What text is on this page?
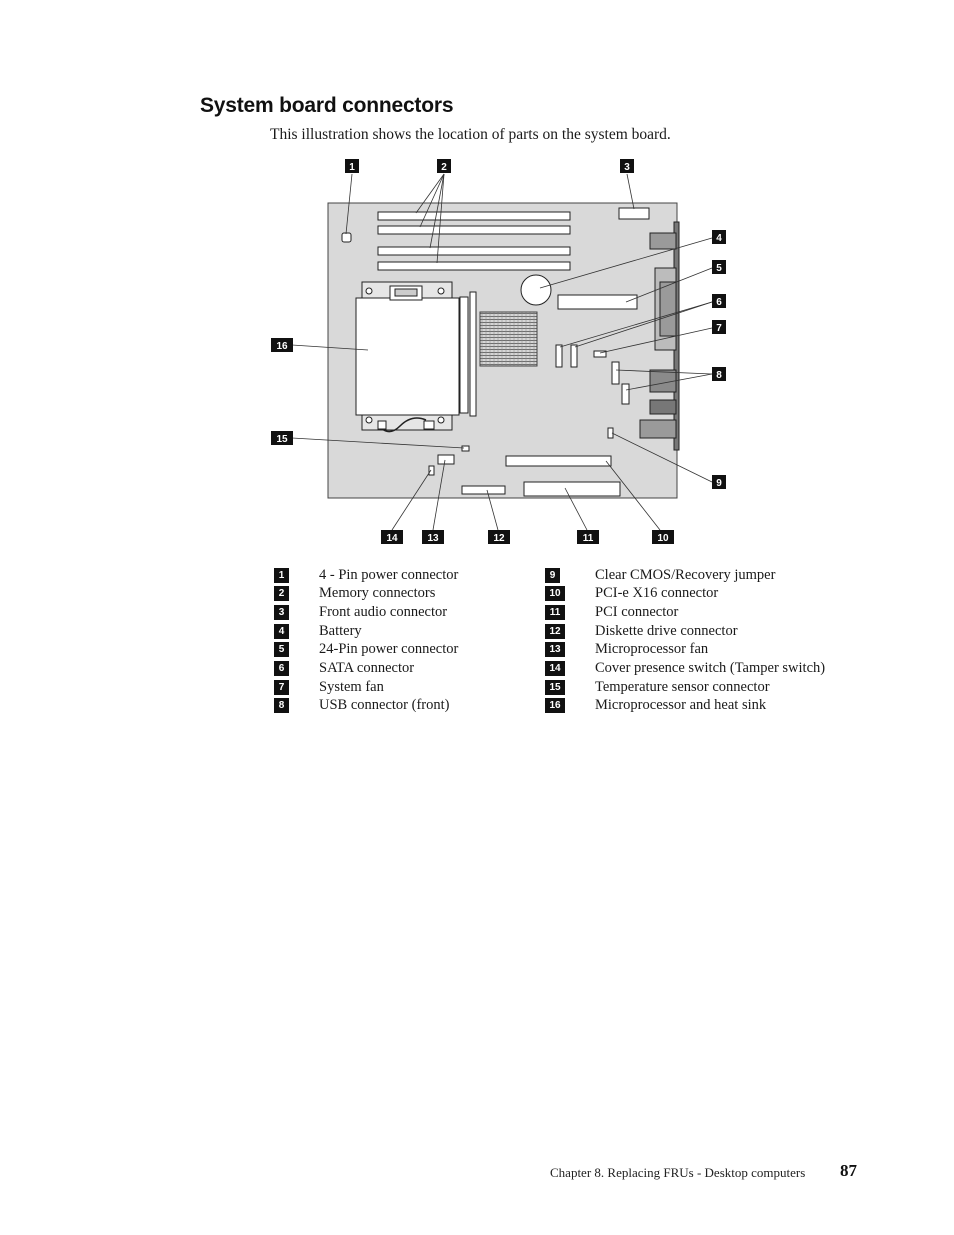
System board connectors

This illustration shows the location of parts on the system board.

1	2	3
4
5
6
7
8
9
10
11
12
13
14
15
16
1	4 - Pin power connector
2	Memory connectors
3	Front audio connector
4	Battery
5	24-Pin power connector
6	SATA connector
7	System fan
8	USB connector (front)
9	Clear CMOS/Recovery jumper
10	PCI-e X16 connector
11	PCI connector
12	Diskette drive connector
13	Microprocessor fan
14	Cover presence switch (Tamper switch)
15	Temperature sensor connector
16	Microprocessor and heat sink
Chapter 8. Replacing FRUs - Desktop computers 87
